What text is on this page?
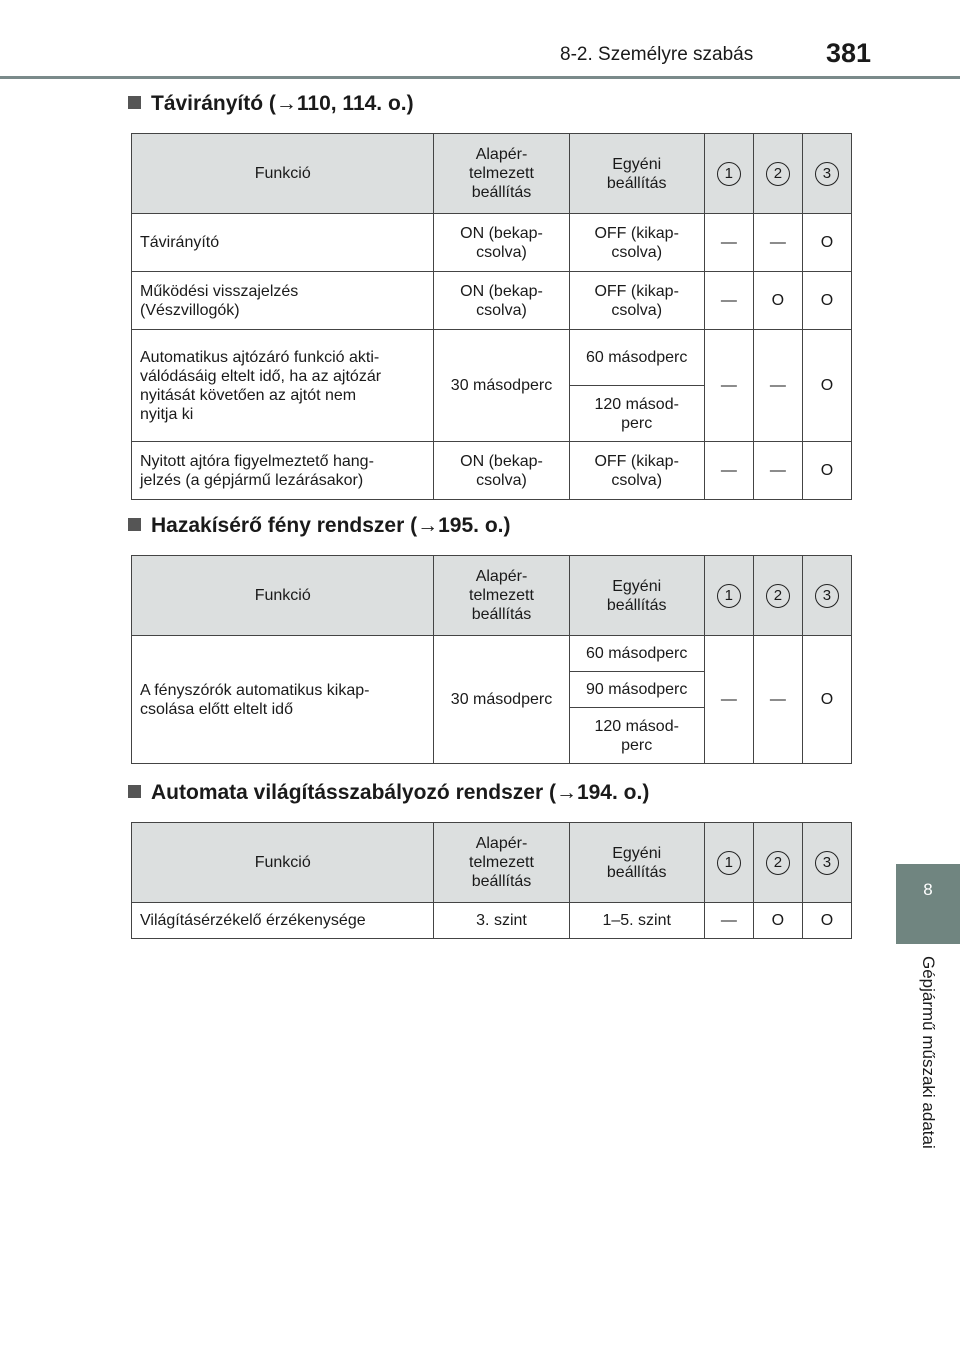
8-2. Személyre szabás	381
8
Gépjármű műszaki adatai
Távirányító (→110, 114. o.)
Funkció	Alapér-
telmezett
beállítás	Egyéni
beállítás	1	2	3
Távirányító	ON (bekap-
csolva)	OFF (kikap-
csolva)	—	—	O
Működési visszajelzés
(Vészvillogók)	ON (bekap-
csolva)	OFF (kikap-
csolva)	—	O	O
Automatikus ajtózáró funkció akti-
válódásáig eltelt idő, ha az ajtózár
nyitását követően az ajtót nem
nyitja ki	30 másodperc	60 másodperc	—	—	O
		120 másod-
perc			
Nyitott ajtóra figyelmeztető hang-
jelzés (a gépjármű lezárásakor)	ON (bekap-
csolva)	OFF (kikap-
csolva)	—	—	O
Hazakísérő fény rendszer (→195. o.)
Funkció	Alapér-
telmezett
beállítás	Egyéni
beállítás	1	2	3
A fényszórók automatikus kikap-
csolása előtt eltelt idő	30 másodperc	60 másodperc	—	—	O
		90 másodperc			
		120 másod-
perc			
Automata világításszabályozó rendszer (→194. o.)
Funkció	Alapér-
telmezett
beállítás	Egyéni
beállítás	1	2	3
Világításérzékelő érzékenysége	3. szint	1–5. szint	—	O	O
